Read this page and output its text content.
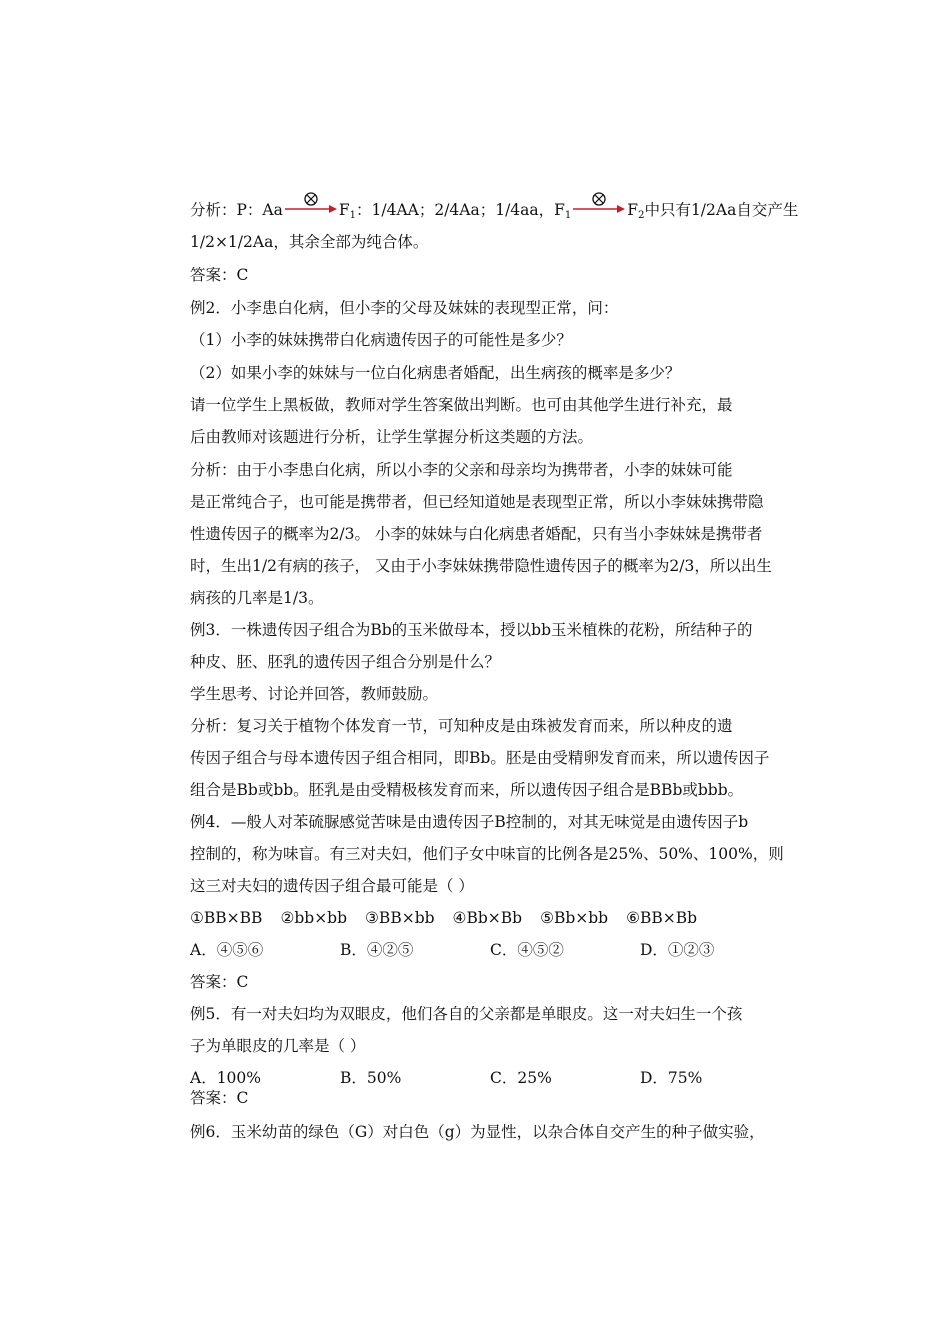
分析：P：Aa	$F_1$：1/4AA；2/4Aa；1/4aa，$F_1$	$F_2$中只有1/2Aa自交产生
1/2×1/2Aa，其余全部为纯合体。
答案：C
例2．小李患白化病，但小李的父母及妹妹的表现型正常，问：
（1）小李的妹妹携带白化病遗传因子的可能性是多少？
（2）如果小李的妹妹与一位白化病患者婚配，出生病孩的概率是多少？
请一位学生上黑板做，教师对学生答案做出判断。也可由其他学生进行补充，最
后由教师对该题进行分析，让学生掌握分析这类题的方法。
分析：由于小李患白化病，所以小李的父亲和母亲均为携带者，小李的妹妹可能
是正常纯合子，也可能是携带者，但已经知道她是表现型正常，所以小李妹妹携带隐
性遗传因子的概率为2/3。 小李的妹妹与白化病患者婚配，只有当小李妹妹是携带者
时，生出1/2有病的孩子， 又由于小李妹妹携带隐性遗传因子的概率为2/3，所以出生
病孩的几率是1/3。
例3．一株遗传因子组合为Bb的玉米做母本，授以bb玉米植株的花粉，所结种子的
种皮、胚、胚乳的遗传因子组合分别是什么？
学生思考、讨论并回答，教师鼓励。
分析：复习关于植物个体发育一节，可知种皮是由珠被发育而来，所以种皮的遗
传因子组合与母本遗传因子组合相同，即Bb。胚是由受精卵发育而来，所以遗传因子
组合是Bb或bb。胚乳是由受精极核发育而来，所以遗传因子组合是BBb或bbb。
例4．—般人对苯硫脲感觉苦味是由遗传因子B控制的，对其无味觉是由遗传因子b
控制的，称为味盲。有三对夫妇，他们子女中味盲的比例各是25%、50%、100%，则
这三对夫妇的遗传因子组合最可能是（ ）
①BB×BB ②bb×bb ③BB×bb ④Bb×Bb ⑤Bb×bb ⑥BB×Bb
A．④⑤⑥	B．④②⑤	C．④⑤②	D．①②③
答案：C
例5．有一对夫妇均为双眼皮，他们各自的父亲都是单眼皮。这一对夫妇生一个孩
子为单眼皮的几率是（ ）
A．100%	B．50%	C．25%	D．75%
答案：C
例6．玉米幼苗的绿色（G）对白色（g）为显性，以杂合体自交产生的种子做实验，
